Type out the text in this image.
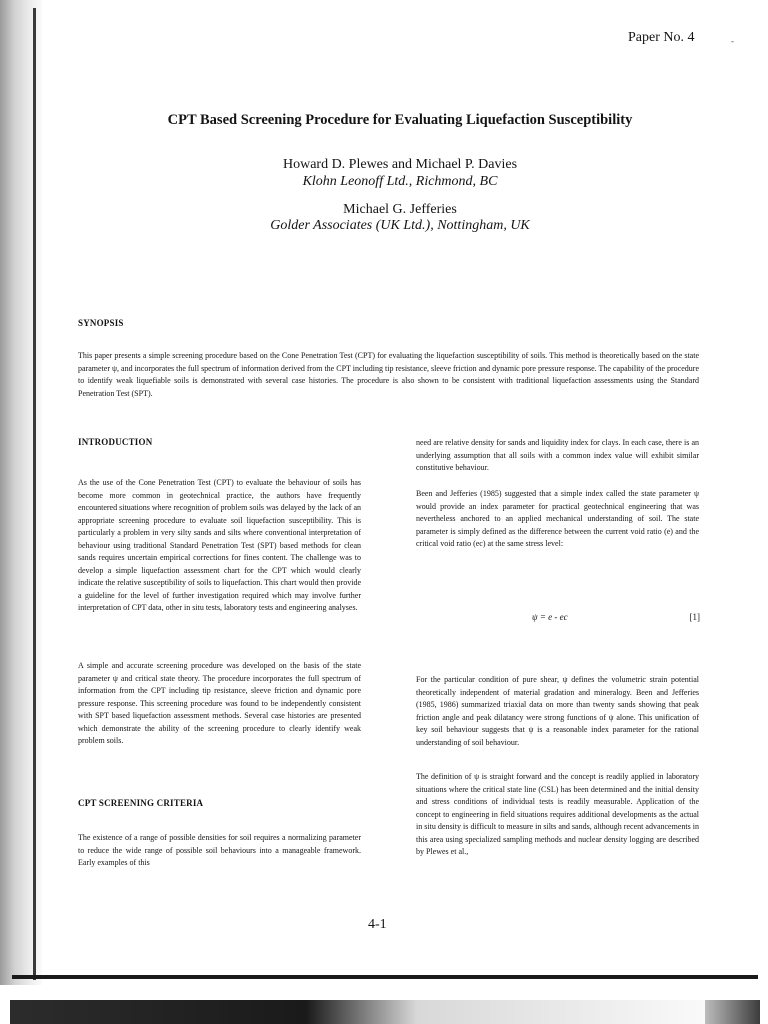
Paper No. 4	-
CPT Based Screening Procedure for Evaluating Liquefaction Susceptibility
Howard D. Plewes and Michael P. Davies
Klohn Leonoff Ltd., Richmond, BC
Michael G. Jefferies
Golder Associates (UK Ltd.), Nottingham, UK
SYNOPSIS
This paper presents a simple screening procedure based on the Cone Penetration Test (CPT) for evaluating the liquefaction susceptibility of soils. This method is theoretically based on the state parameter ψ, and incorporates the full spectrum of information derived from the CPT including tip resistance, sleeve friction and dynamic pore pressure response. The capability of the procedure to identify weak liquefiable soils is demonstrated with several case histories. The procedure is also shown to be consistent with traditional liquefaction assessments using the Standard Penetration Test (SPT).
INTRODUCTION
As the use of the Cone Penetration Test (CPT) to evaluate the behaviour of soils has become more common in geotechnical practice, the authors have frequently encountered situations where recognition of problem soils was delayed by the lack of an appropriate screening procedure to evaluate soil liquefaction susceptibility. This is particularly a problem in very silty sands and silts where conventional interpretation of behaviour using traditional Standard Penetration Test (SPT) based methods for clean sands requires uncertain empirical corrections for fines content. The challenge was to develop a simple liquefaction assessment chart for the CPT which would clearly indicate the relative susceptibility of soils to liquefaction. This chart would then provide a guideline for the level of further investigation required which may involve further interpretation of CPT data, other in situ tests, laboratory tests and engineering analyses.
A simple and accurate screening procedure was developed on the basis of the state parameter ψ and critical state theory. The procedure incorporates the full spectrum of information from the CPT including tip resistance, sleeve friction and dynamic pore pressure response. This screening procedure was found to be independently consistent with SPT based liquefaction assessment methods. Several case histories are presented which demonstrate the ability of the screening procedure to clearly identify weak problem soils.
CPT SCREENING CRITERIA
The existence of a range of possible densities for soil requires a normalizing parameter to reduce the wide range of possible soil behaviours into a manageable framework. Early examples of this
need are relative density for sands and liquidity index for clays. In each case, there is an underlying assumption that all soils with a common index value will exhibit similar constitutive behaviour.
Been and Jefferies (1985) suggested that a simple index called the state parameter ψ would provide an index parameter for practical geotechnical engineering that was nevertheless anchored to an applied mechanical understanding of soil. The state parameter is simply defined as the difference between the current void ratio (e) and the critical void ratio (ec) at the same stress level:
ψ = e - ec	[1]
For the particular condition of pure shear, ψ defines the volumetric strain potential theoretically independent of material gradation and mineralogy. Been and Jefferies (1985, 1986) summarized triaxial data on more than twenty sands showing that peak friction angle and peak dilatancy were strong functions of ψ alone. This unification of key soil behaviour suggests that ψ is a reasonable index parameter for the rational understanding of soil behaviour.
The definition of ψ is straight forward and the concept is readily applied in laboratory situations where the critical state line (CSL) has been determined and the initial density and stress conditions of individual tests is readily measurable. Application of the concept to engineering in field situations requires additional developments as the actual in situ density is difficult to measure in silts and sands, although recent advancements in this area using specialized sampling methods and nuclear density logging are described by Plewes et al.,
4-1
